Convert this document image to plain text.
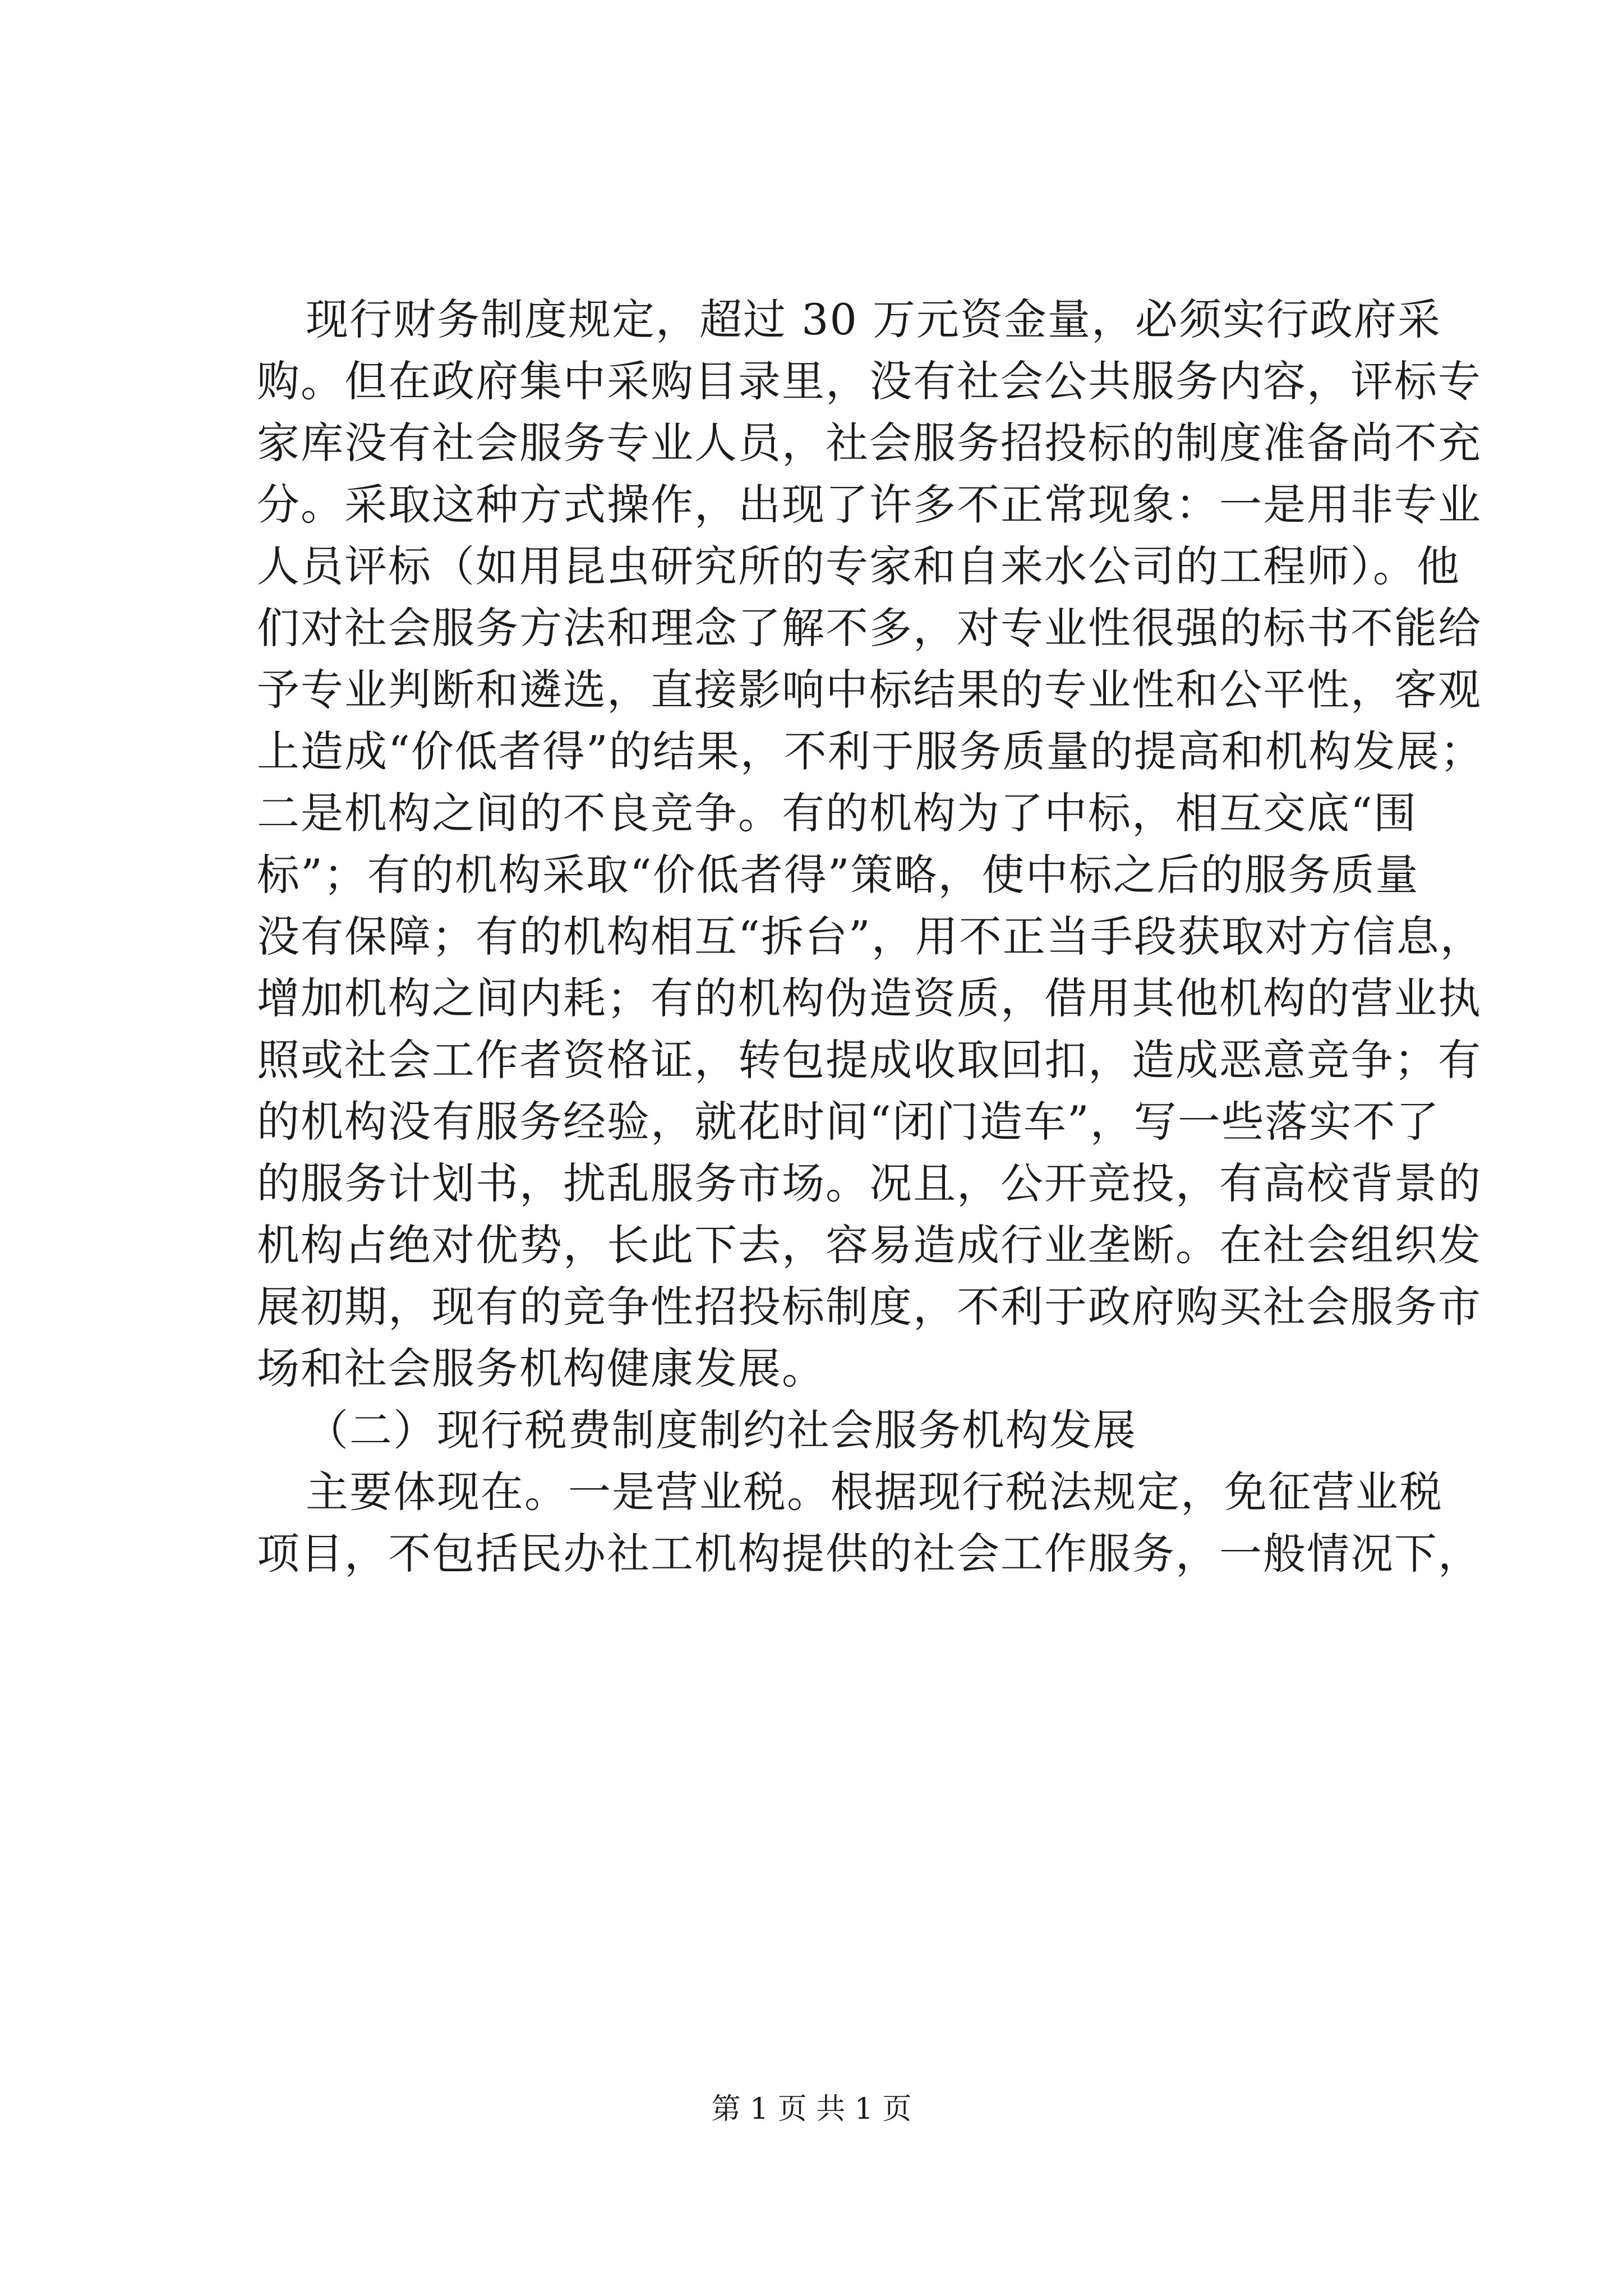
现行财务制度规定，超过 30 万元资金量，必须实行政府采
购。但在政府集中采购目录里，没有社会公共服务内容，评标专
家库没有社会服务专业人员，社会服务招投标的制度准备尚不充
分。采取这种方式操作，出现了许多不正常现象：一是用非专业
人员评标（如用昆虫研究所的专家和自来水公司的工程师）。他
们对社会服务方法和理念了解不多，对专业性很强的标书不能给
予专业判断和遴选，直接影响中标结果的专业性和公平性，客观
上造成“价低者得”的结果，不利于服务质量的提高和机构发展；
二是机构之间的不良竞争。有的机构为了中标，相互交底“围
标”；有的机构采取“价低者得”策略，使中标之后的服务质量
没有保障；有的机构相互“拆台”，用不正当手段获取对方信息，
增加机构之间内耗；有的机构伪造资质，借用其他机构的营业执
照或社会工作者资格证，转包提成收取回扣，造成恶意竞争；有
的机构没有服务经验，就花时间“闭门造车”，写一些落实不了
的服务计划书，扰乱服务市场。况且，公开竞投，有高校背景的
机构占绝对优势，长此下去，容易造成行业垄断。在社会组织发
展初期，现有的竞争性招投标制度，不利于政府购买社会服务市
场和社会服务机构健康发展。
（二）现行税费制度制约社会服务机构发展
主要体现在。一是营业税。根据现行税法规定，免征营业税
项目，不包括民办社工机构提供的社会工作服务，一般情况下，
第 1 页 共 1 页
